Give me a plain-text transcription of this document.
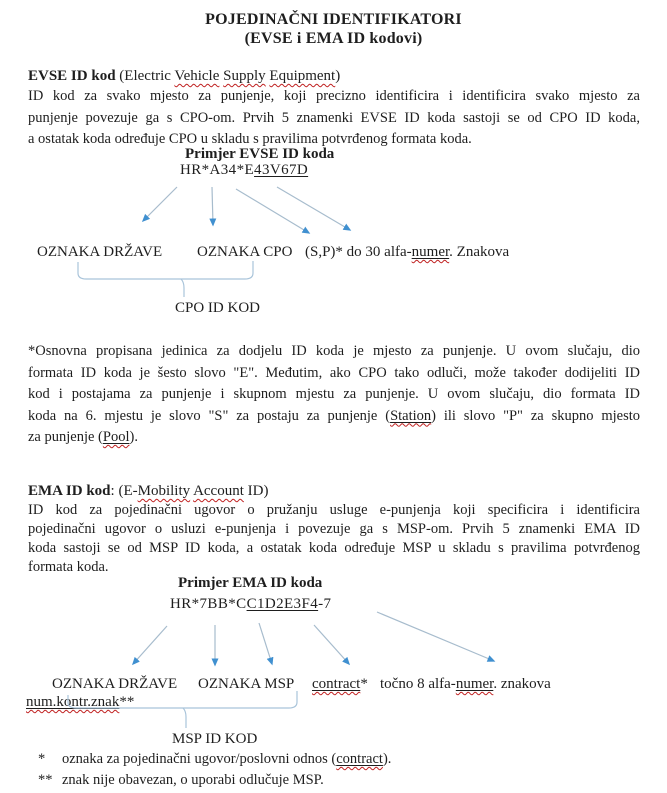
POJEDINAČNI IDENTIFIKATORI
(EVSE i EMA ID kodovi)
EVSE ID kod (Electric Vehicle Supply Equipment)
ID kod za svako mjesto za punjenje, koji precizno identificira i identificira svako mjesto za
punjenje povezuje ga s CPO-om. Prvih 5 znamenki EVSE ID koda sastoji se od CPO ID koda,
a ostatak koda određuje CPO u skladu s pravilima potvrđenog formata koda.
Primjer EVSE ID koda
HR*A34*E43V67D
OZNAKA DRŽAVE OZNAKA CPO (S,P)* do 30 alfa-numer. Znakova
CPO ID KOD
*Osnovna propisana jedinica za dodjelu ID koda je mjesto za punjenje. U ovom slučaju, dio
formata ID koda je šesto slovo "E". Međutim, ako CPO tako odluči, može također dodijeliti ID
kod i postajama za punjenje i skupnom mjestu za punjenje. U ovom slučaju, dio formata ID
koda na 6. mjestu je slovo "S" za postaju za punjenje (Station) ili slovo "P" za skupno mjesto
za punjenje (Pool).
EMA ID kod: (E-Mobility Account ID)
ID kod za pojedinačni ugovor o pružanju usluge e-punjenja koji specificira i identificira
pojedinačni ugovor o usluzi e-punjenja i povezuje ga s MSP-om. Prvih 5 znamenki EMA ID
koda sastoji se od MSP ID koda, a ostatak koda određuje MSP u skladu s pravilima potvrđenog
formata koda.
Primjer EMA ID koda
HR*7BB*CC1D2E3F4-7
OZNAKA DRŽAVE OZNAKA MSP contract* točno 8 alfa-numer. znakova
num.kontr.znak**
MSP ID KOD
* oznaka za pojedinačni ugovor/poslovni odnos (contract).
** znak nije obavezan, o uporabi odlučuje MSP.
